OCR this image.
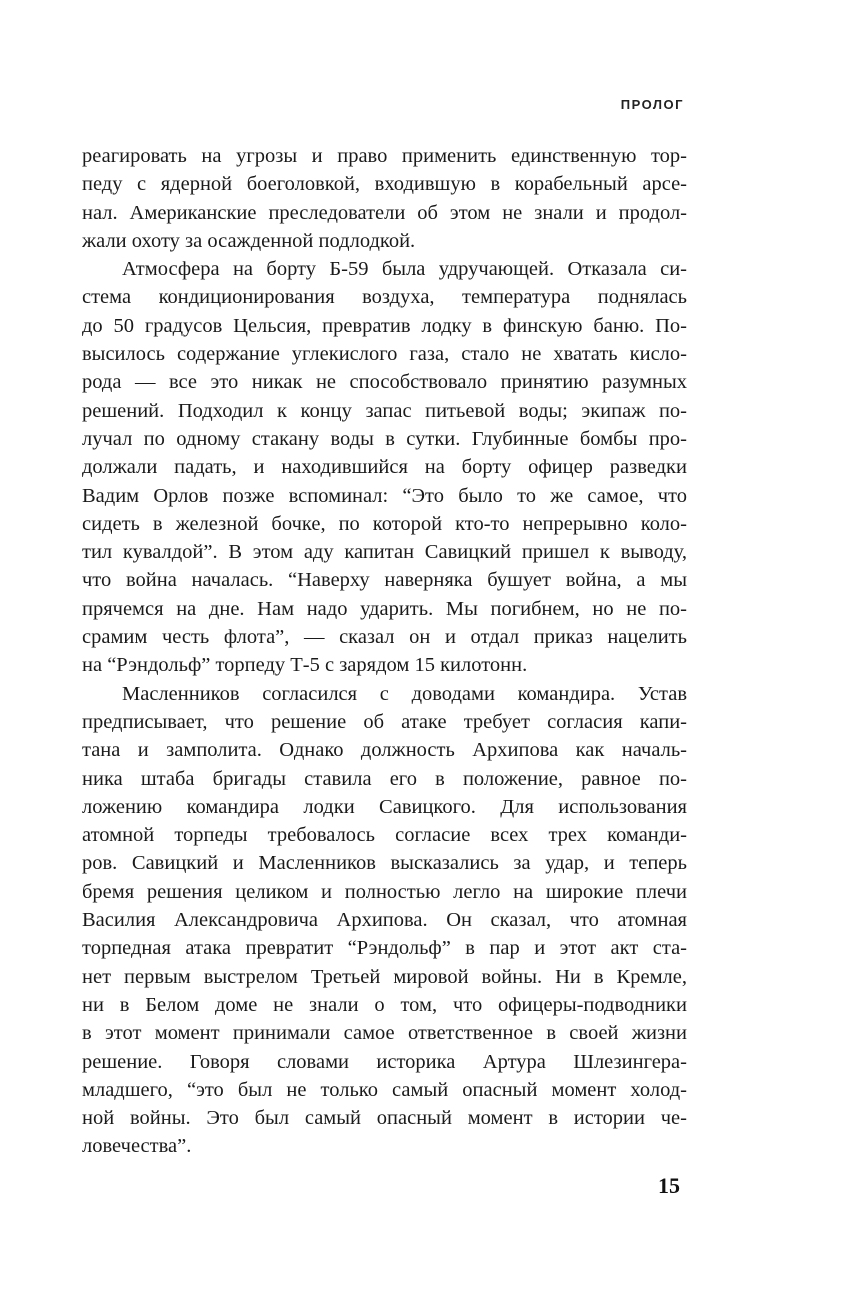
ПРОЛОГ
реагировать на угрозы и право применить единственную тор-
педу с ядерной боеголовкой, входившую в корабельный арсе-
нал. Американские преследователи об этом не знали и продол-
жали охоту за осажденной подлодкой.
Атмосфера на борту Б-59 была удручающей. Отказала си-
стема кондиционирования воздуха, температура поднялась
до 50 градусов Цельсия, превратив лодку в финскую баню. По-
высилось содержание углекислого газа, стало не хватать кисло-
рода — все это никак не способствовало принятию разумных
решений. Подходил к концу запас питьевой воды; экипаж по-
лучал по одному стакану воды в сутки. Глубинные бомбы про-
должали падать, и находившийся на борту офицер разведки
Вадим Орлов позже вспоминал: “Это было то же самое, что
сидеть в железной бочке, по которой кто-то непрерывно коло-
тил кувалдой”. В этом аду капитан Савицкий пришел к выводу,
что война началась. “Наверху наверняка бушует война, а мы
прячемся на дне. Нам надо ударить. Мы погибнем, но не по-
срамим честь флота”, — сказал он и отдал приказ нацелить
на “Рэндольф” торпеду Т-5 с зарядом 15 килотонн.
Масленников согласился с доводами командира. Устав
предписывает, что решение об атаке требует согласия капи-
тана и замполита. Однако должность Архипова как началь-
ника штаба бригады ставила его в положение, равное по-
ложению командира лодки Савицкого. Для использования
атомной торпеды требовалось согласие всех трех команди-
ров. Савицкий и Масленников высказались за удар, и теперь
бремя решения целиком и полностью легло на широкие плечи
Василия Александровича Архипова. Он сказал, что атомная
торпедная атака превратит “Рэндольф” в пар и этот акт ста-
нет первым выстрелом Третьей мировой войны. Ни в Кремле,
ни в Белом доме не знали о том, что офицеры-подводники
в этот момент принимали самое ответственное в своей жизни
решение. Говоря словами историка Артура Шлезингера-
младшего, “это был не только самый опасный момент холод-
ной войны. Это был самый опасный момент в истории че-
ловечества”.
15
